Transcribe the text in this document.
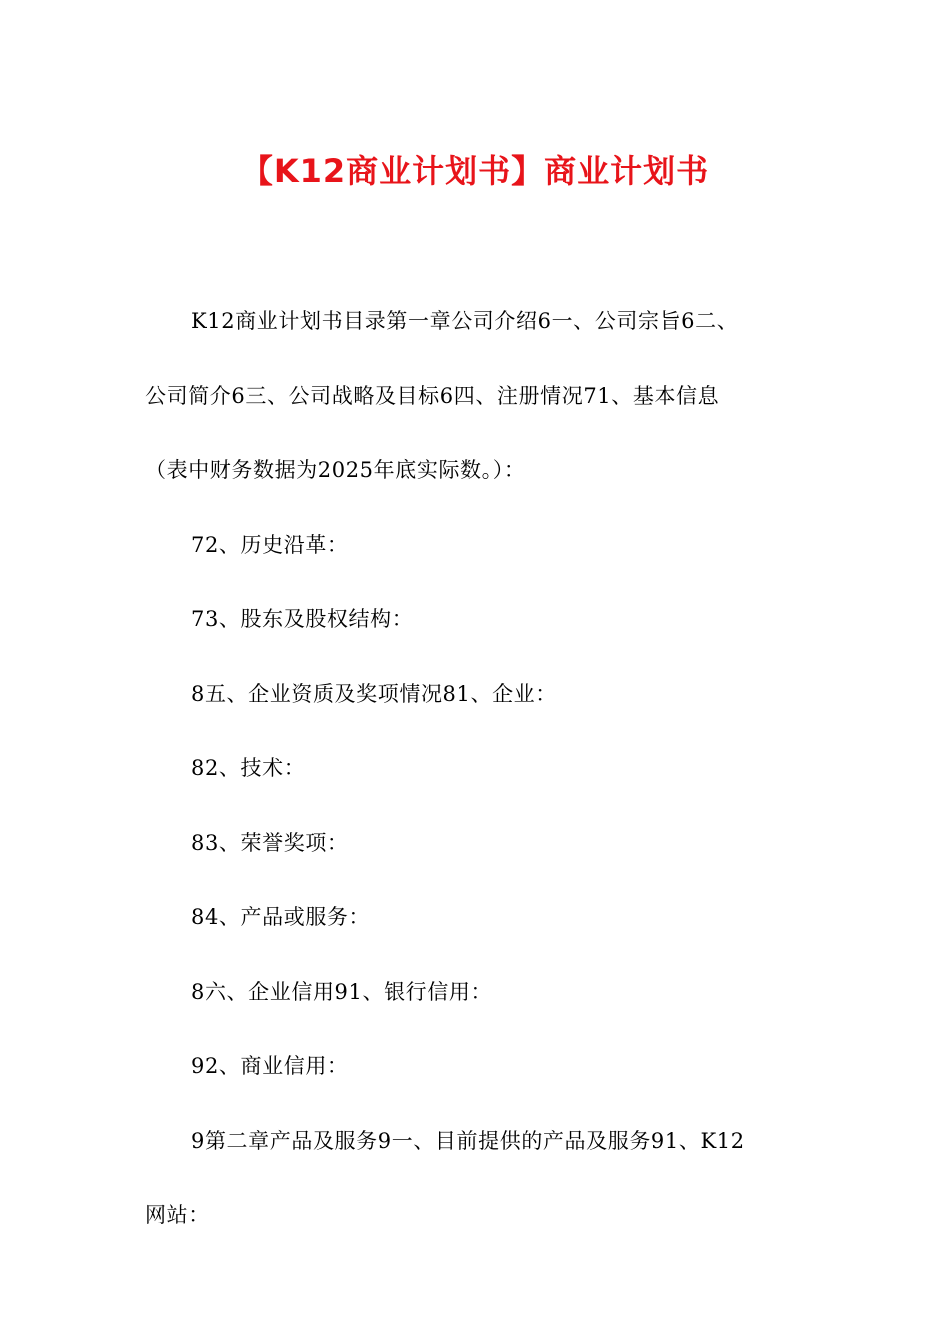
【K12商业计划书】商业计划书
K12商业计划书目录第一章公司介绍6一、公司宗旨6二、
公司简介6三、公司战略及目标6四、注册情况71、基本信息
（表中财务数据为2025年底实际数。）：

72、历史沿革：

73、股东及股权结构：

8五、企业资质及奖项情况81、企业：

82、技术：

83、荣誉奖项：

84、产品或服务：

8六、企业信用91、银行信用：

92、商业信用：

9第二章产品及服务9一、目前提供的产品及服务91、K12
网站：
